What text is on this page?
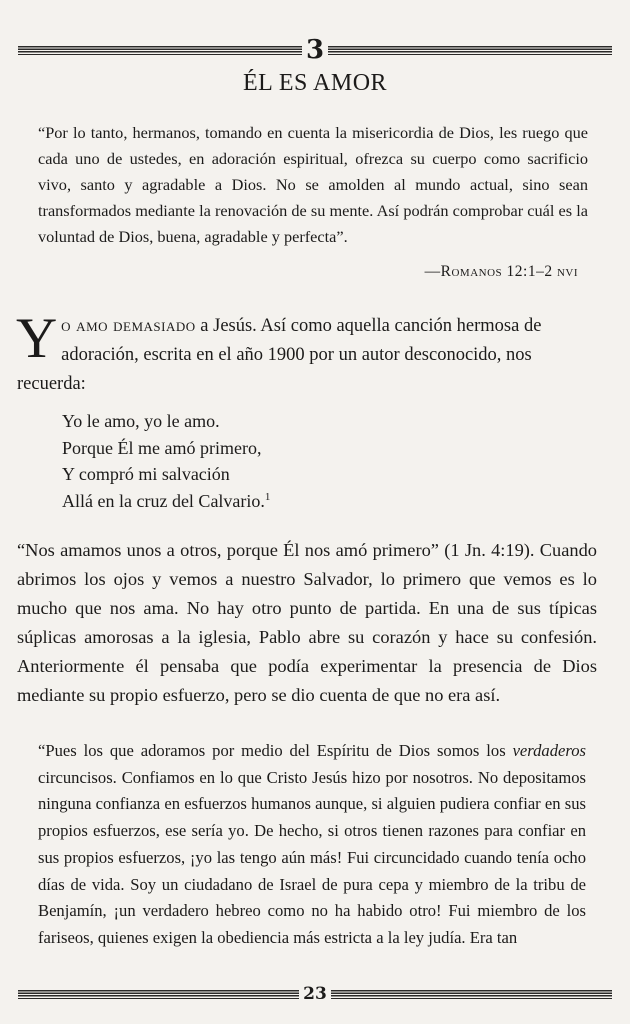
3
ÉL ES AMOR
“Por lo tanto, hermanos, tomando en cuenta la misericordia de Dios, les ruego que cada uno de ustedes, en adoración espiritual, ofrezca su cuerpo como sacrificio vivo, santo y agradable a Dios. No se amolden al mundo actual, sino sean transformados mediante la renovación de su mente. Así podrán comprobar cuál es la voluntad de Dios, buena, agradable y perfecta”.
—Romanos 12:1–2 nvi
Yo amo demasiado a Jesús. Así como aquella canción hermosa de adoración, escrita en el año 1900 por un autor desconocido, nos recuerda:
Yo le amo, yo le amo.
Porque Él me amó primero,
Y compró mi salvación
Allá en la cruz del Calvario.$^1$
“Nos amamos unos a otros, porque Él nos amó primero” (1 Jn. 4:19). Cuando abrimos los ojos y vemos a nuestro Salvador, lo primero que vemos es lo mucho que nos ama. No hay otro punto de partida. En una de sus típicas súplicas amorosas a la iglesia, Pablo abre su corazón y hace su confesión. Anteriormente él pensaba que podía experimentar la presencia de Dios mediante su propio esfuerzo, pero se dio cuenta de que no era así.
“Pues los que adoramos por medio del Espíritu de Dios somos los verdaderos circuncisos. Confiamos en lo que Cristo Jesús hizo por nosotros. No depositamos ninguna confianza en esfuerzos humanos aunque, si alguien pudiera confiar en sus propios esfuerzos, ese sería yo. De hecho, si otros tienen razones para confiar en sus propios esfuerzos, ¡yo las tengo aún más! Fui circuncidado cuando tenía ocho días de vida. Soy un ciudadano de Israel de pura cepa y miembro de la tribu de Benjamín, ¡un verdadero hebreo como no ha habido otro! Fui miembro de los fariseos, quienes exigen la obediencia más estricta a la ley judía. Era tan
23
